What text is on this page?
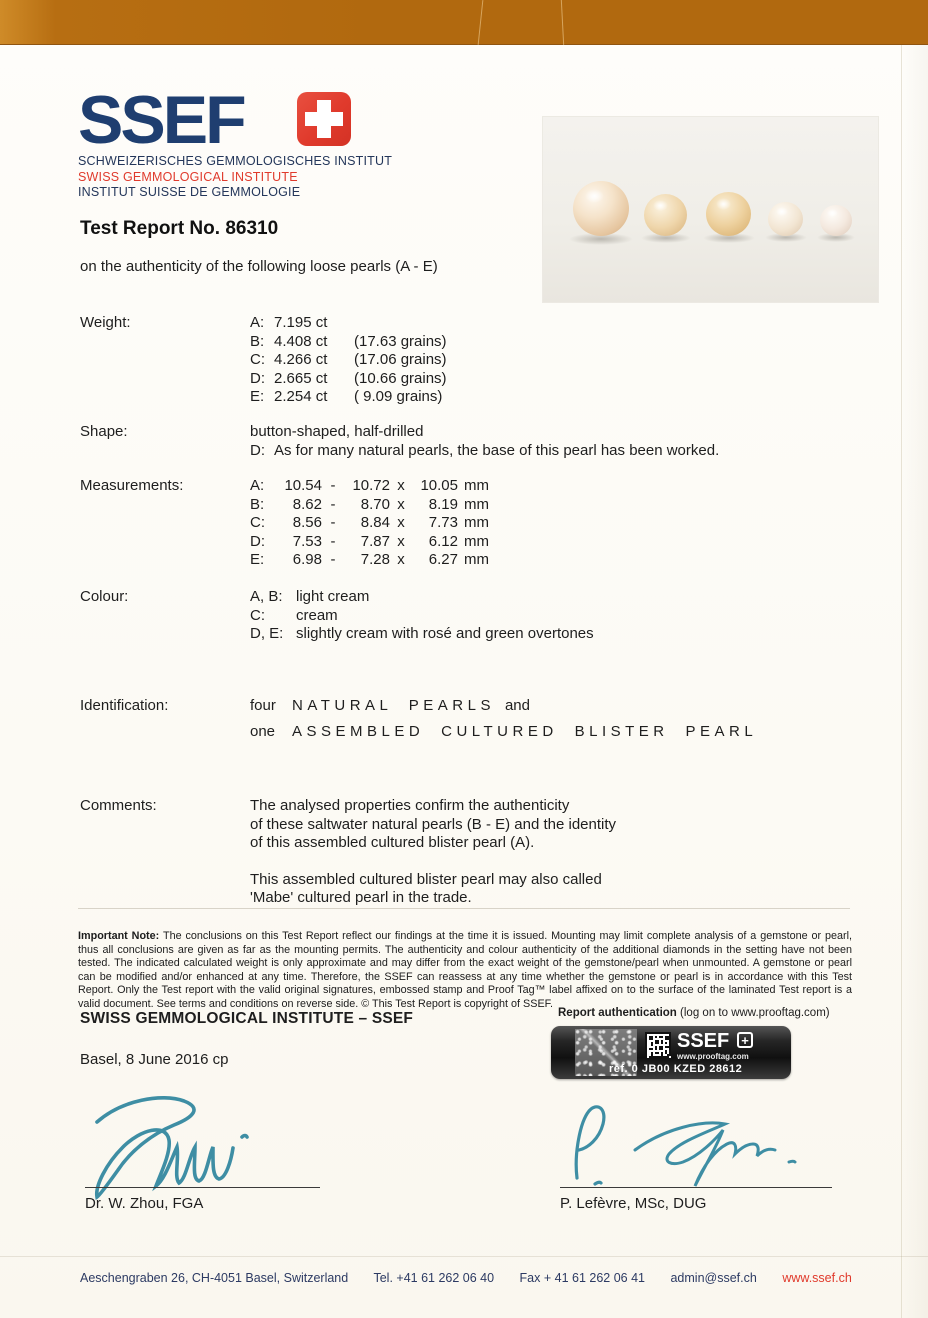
SSEF
SCHWEIZERISCHES GEMMOLOGISCHES INSTITUT
SWISS GEMMOLOGICAL INSTITUTE
INSTITUT SUISSE DE GEMMOLOGIE
Test Report No. 86310
on the authenticity of the following loose pearls (A - E)
Weight:	A: 7.195 ct
B: 4.408 ct (17.63 grains)
C: 4.266 ct (17.06 grains)
D: 2.665 ct (10.66 grains)
E: 2.254 ct ( 9.09 grains)
Shape:	button-shaped, half-drilled
D: As for many natural pearls, the base of this pearl has been worked.
Measurements:	A: 10.54 - 10.72 x 10.05 mm
B: 8.62 - 8.70 x 8.19 mm
C: 8.56 - 8.84 x 7.73 mm
D: 7.53 - 7.87 x 6.12 mm
E: 6.98 - 7.28 x 6.27 mm
Colour:	A, B: light cream
C: cream
D, E: slightly cream with rosé and green overtones
Identification:	four NATURAL PEARLS and
one ASSEMBLED CULTURED BLISTER PEARL
Comments:	The analysed properties confirm the authenticity
of these saltwater natural pearls (B - E) and the identity
of this assembled cultured blister pearl (A).

This assembled cultured blister pearl may also called
'Mabe' cultured pearl in the trade.

Important Note: The conclusions on this Test Report reflect our findings at the time it is issued. Mounting may limit complete analysis of a gemstone or pearl, thus all conclusions are given as far as the mounting permits. The authenticity and colour authenticity of the additional diamonds in the setting have not been tested. The indicated calculated weight is only approximate and may differ from the exact weight of the gemstone/pearl when unmounted. A gemstone or pearl can be modified and/or enhanced at any time. Therefore, the SSEF can reassess at any time whether the gemstone or pearl is in accordance with this Test Report. Only the Test report with the valid original signatures, embossed stamp and Proof Tag™ label affixed on to the surface of the laminated Test report is a valid document. See terms and conditions on reverse side. © This Test Report is copyright of SSEF.
SWISS GEMMOLOGICAL INSTITUTE – SSEF
Basel, 8 June 2016 cp
Report authentication (log on to www.prooftag.com)
SSEF +
www.prooftag.com
ref. 0 JB00 KZED 28612
Dr. W. Zhou, FGA	P. Lefèvre, MSc, DUG
Aeschengraben 26, CH-4051 Basel, Switzerland Tel. +41 61 262 06 40 Fax + 41 61 262 06 41 admin@ssef.ch www.ssef.ch
